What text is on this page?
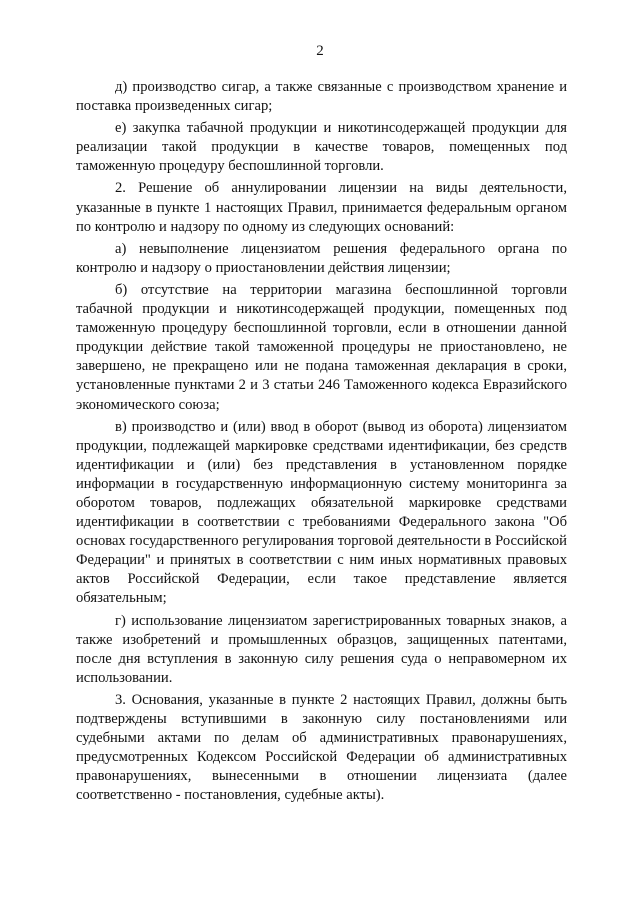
2

д) производство сигар, а также связанные с производством хранение и поставка произведенных сигар;

е) закупка табачной продукции и никотинсодержащей продукции для реализации такой продукции в качестве товаров, помещенных под таможенную процедуру беспошлинной торговли.

2. Решение об аннулировании лицензии на виды деятельности, указанные в пункте 1 настоящих Правил, принимается федеральным органом по контролю и надзору по одному из следующих оснований:

а) невыполнение лицензиатом решения федерального органа по контролю и надзору о приостановлении действия лицензии;

б) отсутствие на территории магазина беспошлинной торговли табачной продукции и никотинсодержащей продукции, помещенных под таможенную процедуру беспошлинной торговли, если в отношении данной продукции действие такой таможенной процедуры не приостановлено, не завершено, не прекращено или не подана таможенная декларация в сроки, установленные пунктами 2 и 3 статьи 246 Таможенного кодекса Евразийского экономического союза;

в) производство и (или) ввод в оборот (вывод из оборота) лицензиатом продукции, подлежащей маркировке средствами идентификации, без средств идентификации и (или) без представления в установленном порядке информации в государственную информационную систему мониторинга за оборотом товаров, подлежащих обязательной маркировке средствами идентификации в соответствии с требованиями Федерального закона "Об основах государственного регулирования торговой деятельности в Российской Федерации" и принятых в соответствии с ним иных нормативных правовых актов Российской Федерации, если такое представление является обязательным;

г) использование лицензиатом зарегистрированных товарных знаков, а также изобретений и промышленных образцов, защищенных патентами, после дня вступления в законную силу решения суда о неправомерном их использовании.

3. Основания, указанные в пункте 2 настоящих Правил, должны быть подтверждены вступившими в законную силу постановлениями или судебными актами по делам об административных правонарушениях, предусмотренных Кодексом Российской Федерации об административных правонарушениях, вынесенными в отношении лицензиата (далее соответственно - постановления, судебные акты).
